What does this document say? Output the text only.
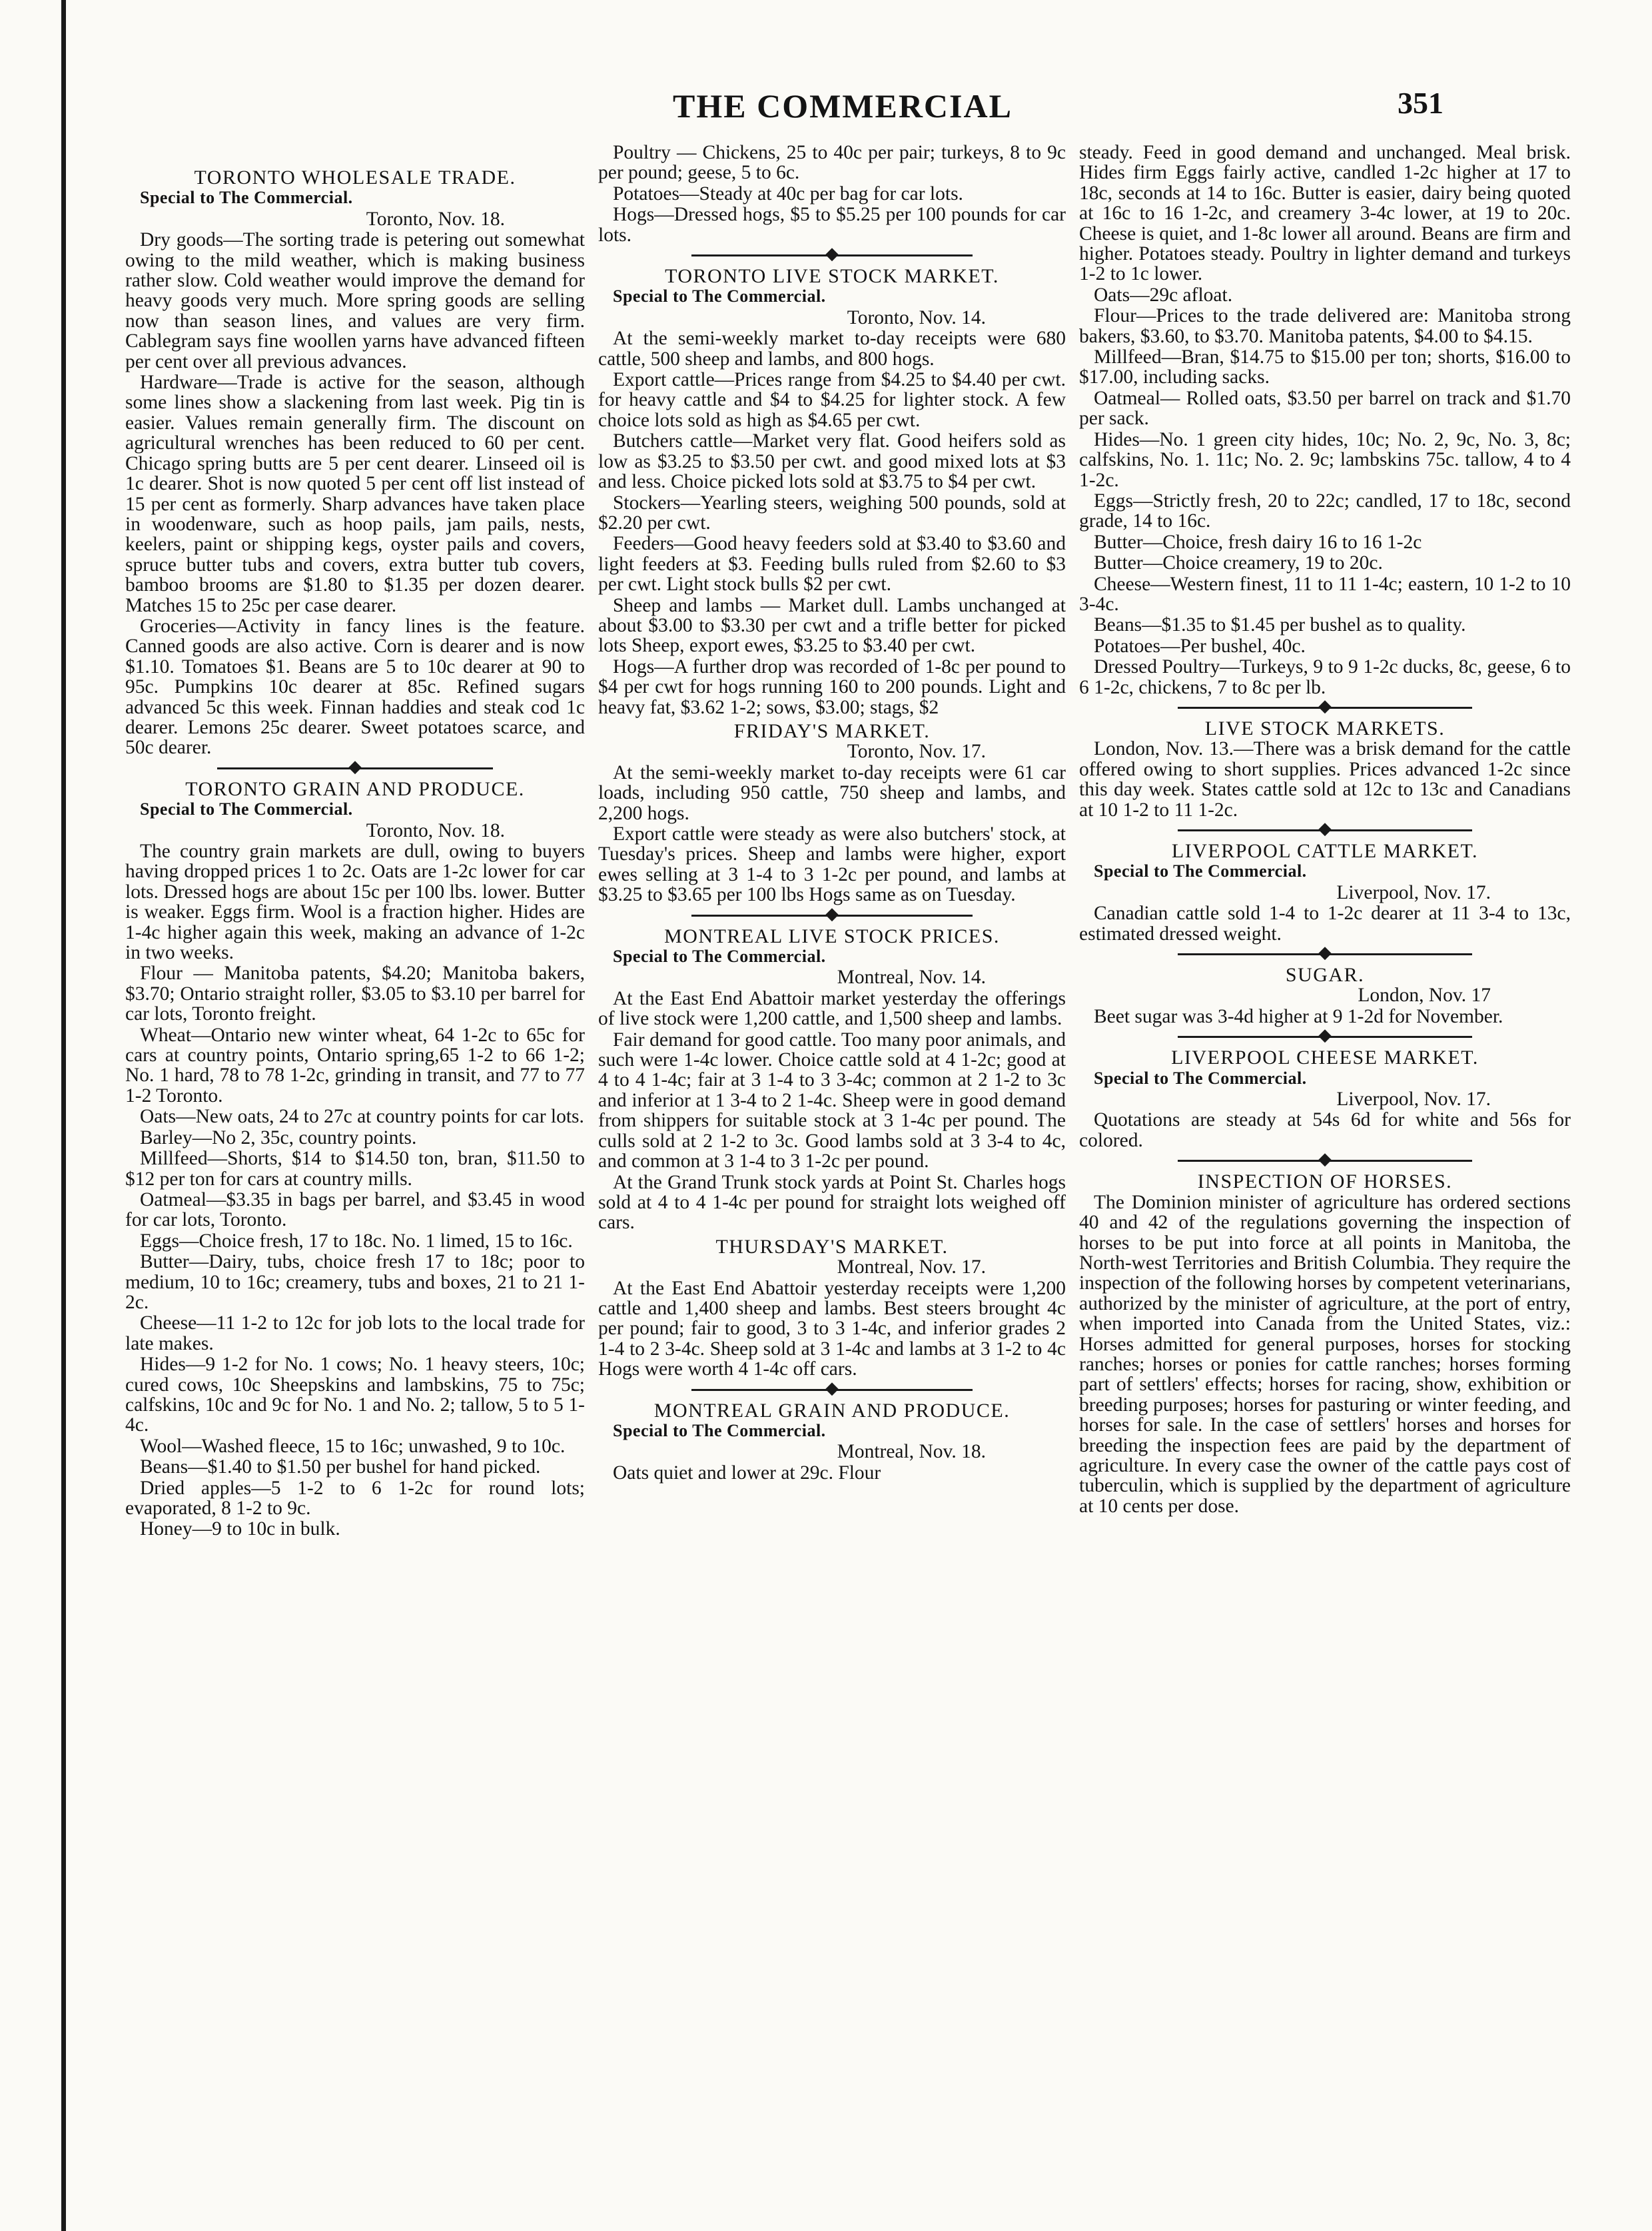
THE COMMERCIAL	351
TORONTO WHOLESALE TRADE.

Special to The Commercial.

Toronto, Nov. 18.

Dry goods—The sorting trade is petering out somewhat owing to the mild weather, which is making business rather slow. Cold weather would improve the demand for heavy goods very much. More spring goods are selling now than season lines, and values are very firm. Cablegram says fine woollen yarns have advanced fifteen per cent over all previous advances.

Hardware—Trade is active for the season, although some lines show a slackening from last week. Pig tin is easier. Values remain generally firm. The discount on agricultural wrenches has been reduced to 60 per cent. Chicago spring butts are 5 per cent dearer. Linseed oil is 1c dearer. Shot is now quoted 5 per cent off list instead of 15 per cent as formerly. Sharp advances have taken place in woodenware, such as hoop pails, jam pails, nests, keelers, paint or shipping kegs, oyster pails and covers, spruce butter tubs and covers, extra butter tub covers, bamboo brooms are $1.80 to $1.35 per dozen dearer. Matches 15 to 25c per case dearer.

Groceries—Activity in fancy lines is the feature. Canned goods are also active. Corn is dearer and is now $1.10. Tomatoes $1. Beans are 5 to 10c dearer at 90 to 95c. Pumpkins 10c dearer at 85c. Refined sugars advanced 5c this week. Finnan haddies and steak cod 1c dearer. Lemons 25c dearer. Sweet potatoes scarce, and 50c dearer.

◆
TORONTO GRAIN AND PRODUCE.

Special to The Commercial.

Toronto, Nov. 18.

The country grain markets are dull, owing to buyers having dropped prices 1 to 2c. Oats are 1-2c lower for car lots. Dressed hogs are about 15c per 100 lbs. lower. Butter is weaker. Eggs firm. Wool is a fraction higher. Hides are 1-4c higher again this week, making an advance of 1-2c in two weeks.

Flour — Manitoba patents, $4.20; Manitoba bakers, $3.70; Ontario straight roller, $3.05 to $3.10 per barrel for car lots, Toronto freight.

Wheat—Ontario new winter wheat, 64 1-2c to 65c for cars at country points, Ontario spring,65 1-2 to 66 1-2; No. 1 hard, 78 to 78 1-2c, grinding in transit, and 77 to 77 1-2 Toronto.

Oats—New oats, 24 to 27c at country points for car lots.

Barley—No 2, 35c, country points.

Millfeed—Shorts, $14 to $14.50 ton, bran, $11.50 to $12 per ton for cars at country mills.

Oatmeal—$3.35 in bags per barrel, and $3.45 in wood for car lots, Toronto.

Eggs—Choice fresh, 17 to 18c. No. 1 limed, 15 to 16c.

Butter—Dairy, tubs, choice fresh 17 to 18c; poor to medium, 10 to 16c; creamery, tubs and boxes, 21 to 21 1-2c.

Cheese—11 1-2 to 12c for job lots to the local trade for late makes.

Hides—9 1-2 for No. 1 cows; No. 1 heavy steers, 10c; cured cows, 10c Sheepskins and lambskins, 75 to 75c; calfskins, 10c and 9c for No. 1 and No. 2; tallow, 5 to 5 1-4c.

Wool—Washed fleece, 15 to 16c; unwashed, 9 to 10c.

Beans—$1.40 to $1.50 per bushel for hand picked.

Dried apples—5 1-2 to 6 1-2c for round lots; evaporated, 8 1-2 to 9c.

Honey—9 to 10c in bulk.

Poultry — Chickens, 25 to 40c per pair; turkeys, 8 to 9c per pound; geese, 5 to 6c.

Potatoes—Steady at 40c per bag for car lots.

Hogs—Dressed hogs, $5 to $5.25 per 100 pounds for car lots.

◆
TORONTO LIVE STOCK MARKET.

Special to The Commercial.

Toronto, Nov. 14.

At the semi-weekly market to-day receipts were 680 cattle, 500 sheep and lambs, and 800 hogs.

Export cattle—Prices range from $4.25 to $4.40 per cwt. for heavy cattle and $4 to $4.25 for lighter stock. A few choice lots sold as high as $4.65 per cwt.

Butchers cattle—Market very flat. Good heifers sold as low as $3.25 to $3.50 per cwt. and good mixed lots at $3 and less. Choice picked lots sold at $3.75 to $4 per cwt.

Stockers—Yearling steers, weighing 500 pounds, sold at $2.20 per cwt.

Feeders—Good heavy feeders sold at $3.40 to $3.60 and light feeders at $3. Feeding bulls ruled from $2.60 to $3 per cwt. Light stock bulls $2 per cwt.

Sheep and lambs — Market dull. Lambs unchanged at about $3.00 to $3.30 per cwt and a trifle better for picked lots Sheep, export ewes, $3.25 to $3.40 per cwt.

Hogs—A further drop was recorded of 1-8c per pound to $4 per cwt for hogs running 160 to 200 pounds. Light and heavy fat, $3.62 1-2; sows, $3.00; stags, $2

FRIDAY'S MARKET.

Toronto, Nov. 17.

At the semi-weekly market to-day receipts were 61 car loads, including 950 cattle, 750 sheep and lambs, and 2,200 hogs.

Export cattle were steady as were also butchers' stock, at Tuesday's prices. Sheep and lambs were higher, export ewes selling at 3 1-4 to 3 1-2c per pound, and lambs at $3.25 to $3.65 per 100 lbs Hogs same as on Tuesday.

◆
MONTREAL LIVE STOCK PRICES.

Special to The Commercial.

Montreal, Nov. 14.

At the East End Abattoir market yesterday the offerings of live stock were 1,200 cattle, and 1,500 sheep and lambs.

Fair demand for good cattle. Too many poor animals, and such were 1-4c lower. Choice cattle sold at 4 1-2c; good at 4 to 4 1-4c; fair at 3 1-4 to 3 3-4c; common at 2 1-2 to 3c and inferior at 1 3-4 to 2 1-4c. Sheep were in good demand from shippers for suitable stock at 3 1-4c per pound. The culls sold at 2 1-2 to 3c. Good lambs sold at 3 3-4 to 4c, and common at 3 1-4 to 3 1-2c per pound.

At the Grand Trunk stock yards at Point St. Charles hogs sold at 4 to 4 1-4c per pound for straight lots weighed off cars.

THURSDAY'S MARKET.

Montreal, Nov. 17.

At the East End Abattoir yesterday receipts were 1,200 cattle and 1,400 sheep and lambs. Best steers brought 4c per pound; fair to good, 3 to 3 1-4c, and inferior grades 2 1-4 to 2 3-4c. Sheep sold at 3 1-4c and lambs at 3 1-2 to 4c Hogs were worth 4 1-4c off cars.

◆
MONTREAL GRAIN AND PRODUCE.

Special to The Commercial.

Montreal, Nov. 18.

Oats quiet and lower at 29c. Flour

steady. Feed in good demand and unchanged. Meal brisk. Hides firm Eggs fairly active, candled 1-2c higher at 17 to 18c, seconds at 14 to 16c. Butter is easier, dairy being quoted at 16c to 16 1-2c, and creamery 3-4c lower, at 19 to 20c. Cheese is quiet, and 1-8c lower all around. Beans are firm and higher. Potatoes steady. Poultry in lighter demand and turkeys 1-2 to 1c lower.

Oats—29c afloat.

Flour—Prices to the trade delivered are: Manitoba strong bakers, $3.60, to $3.70. Manitoba patents, $4.00 to $4.15.

Millfeed—Bran, $14.75 to $15.00 per ton; shorts, $16.00 to $17.00, including sacks.

Oatmeal— Rolled oats, $3.50 per barrel on track and $1.70 per sack.

Hides—No. 1 green city hides, 10c; No. 2, 9c, No. 3, 8c; calfskins, No. 1. 11c; No. 2. 9c; lambskins 75c. tallow, 4 to 4 1-2c.

Eggs—Strictly fresh, 20 to 22c; candled, 17 to 18c, second grade, 14 to 16c.

Butter—Choice, fresh dairy 16 to 16 1-2c

Butter—Choice creamery, 19 to 20c.

Cheese—Western finest, 11 to 11 1-4c; eastern, 10 1-2 to 10 3-4c.

Beans—$1.35 to $1.45 per bushel as to quality.

Potatoes—Per bushel, 40c.

Dressed Poultry—Turkeys, 9 to 9 1-2c ducks, 8c, geese, 6 to 6 1-2c, chickens, 7 to 8c per lb.

◆
LIVE STOCK MARKETS.

London, Nov. 13.—There was a brisk demand for the cattle offered owing to short supplies. Prices advanced 1-2c since this day week. States cattle sold at 12c to 13c and Canadians at 10 1-2 to 11 1-2c.

◆
LIVERPOOL CATTLE MARKET.

Special to The Commercial.

Liverpool, Nov. 17.

Canadian cattle sold 1-4 to 1-2c dearer at 11 3-4 to 13c, estimated dressed weight.

◆
SUGAR.

London, Nov. 17

Beet sugar was 3-4d higher at 9 1-2d for November.

◆
LIVERPOOL CHEESE MARKET.

Special to The Commercial.

Liverpool, Nov. 17.

Quotations are steady at 54s 6d for white and 56s for colored.

◆
INSPECTION OF HORSES.

The Dominion minister of agriculture has ordered sections 40 and 42 of the regulations governing the inspection of horses to be put into force at all points in Manitoba, the North-west Territories and British Columbia. They require the inspection of the following horses by competent veterinarians, authorized by the minister of agriculture, at the port of entry, when imported into Canada from the United States, viz.: Horses admitted for general purposes, horses for stocking ranches; horses or ponies for cattle ranches; horses forming part of settlers' effects; horses for racing, show, exhibition or breeding purposes; horses for pasturing or winter feeding, and horses for sale. In the case of settlers' horses and horses for breeding the inspection fees are paid by the department of agriculture. In every case the owner of the cattle pays cost of tuberculin, which is supplied by the department of agriculture at 10 cents per dose.
